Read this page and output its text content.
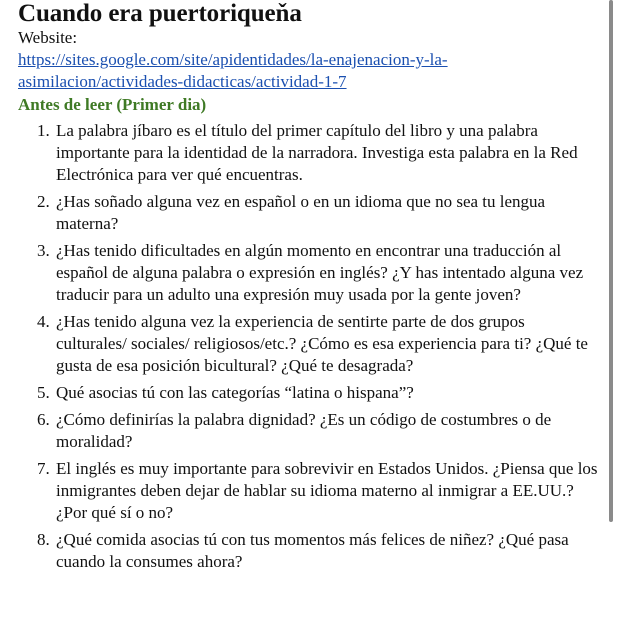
Cuando era puertoriqueňa
Website:
https://sites.google.com/site/apidentidades/la-enajenacion-y-la-
asimilacion/actividades-didacticas/actividad-1-7
Antes de leer (Primer dia)
1. La palabra jíbaro es el título del primer capítulo del libro y una palabra importante para la identidad de la narradora. Investiga esta palabra en la Red Electrónica para ver qué encuentras.
2. ¿Has soñado alguna vez en español o en un idioma que no sea tu lengua materna?
3. ¿Has tenido dificultades en algún momento en encontrar una traducción al español de alguna palabra o expresión en inglés? ¿Y has intentado alguna vez traducir para un adulto una expresión muy usada por la gente joven?
4. ¿Has tenido alguna vez la experiencia de sentirte parte de dos grupos culturales/ sociales/ religiosos/etc.? ¿Cómo es esa experiencia para ti? ¿Qué te gusta de esa posición bicultural? ¿Qué te desagrada?
5. Qué asocias tú con las categorías “latina o hispana”?
6. ¿Cómo definirías la palabra dignidad? ¿Es un código de costumbres o de moralidad?
7. El inglés es muy importante para sobrevivir en Estados Unidos. ¿Piensa que los inmigrantes deben dejar de hablar su idioma materno al inmigrar a EE.UU.? ¿Por qué sí o no?
8. ¿Qué comida asocias tú con tus momentos más felices de niñez? ¿Qué pasa cuando la consumes ahora?
